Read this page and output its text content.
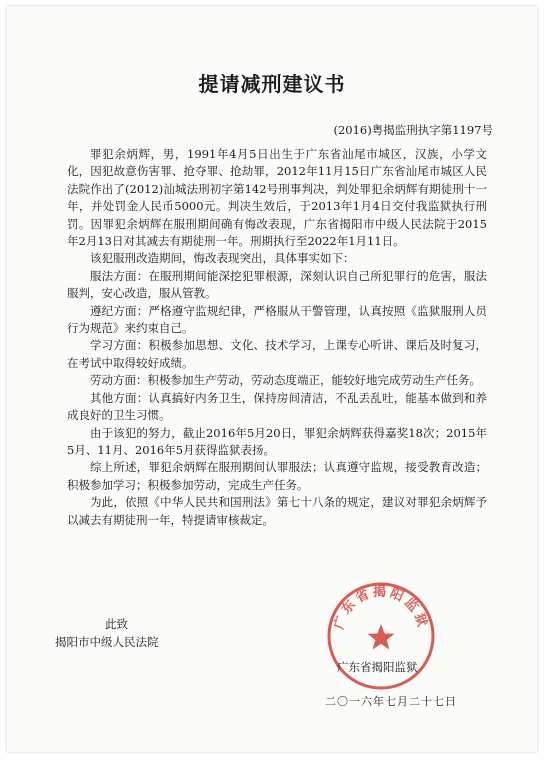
提请减刑建议书
(2016)粤揭监刑执字第1197号

罪犯余炳辉，男，1991年4月5日出生于广东省汕尾市城区，汉族，小学文化，因犯故意伤害罪、抢夺罪、抢劫罪，2012年11月15日广东省汕尾市城区人民法院作出了(2012)汕城法刑初字第142号刑事判决，判处罪犯余炳辉有期徒刑十一年，并处罚金人民币5000元。判决生效后，于2013年1月4日交付我监狱执行刑罚。因罪犯余炳辉在服刑期间确有悔改表现，广东省揭阳市中级人民法院于2015年2月13日对其减去有期徒刑一年。刑期执行至2022年1月11日。

该犯服刑改造期间，悔改表现突出，具体事实如下：

服法方面：在服刑期间能深挖犯罪根源，深刻认识自己所犯罪行的危害，服法服判，安心改造，服从管教。

遵纪方面：严格遵守监规纪律，严格服从干警管理，认真按照《监狱服刑人员行为规范》来约束自己。

学习方面：积极参加思想、文化、技术学习，上课专心听讲、课后及时复习，在考试中取得较好成绩。

劳动方面：积极参加生产劳动，劳动态度端正，能较好地完成劳动生产任务。

其他方面：认真搞好内务卫生，保持房间清洁，不乱丢乱吐，能基本做到和养成良好的卫生习惯。

由于该犯的努力，截止2016年5月20日，罪犯余炳辉获得嘉奖18次；2015年5月、11月、2016年5月获得监狱表扬。

综上所述，罪犯余炳辉在服刑期间认罪服法；认真遵守监规，接受教育改造；积极参加学习；积极参加劳动，完成生产任务。

为此，依照《中华人民共和国刑法》第七十八条的规定，建议对罪犯余炳辉予以减去有期徒刑一年，特提请审核裁定。

此致
揭阳市中级人民法院
广东省揭阳监狱
广东省揭阳监狱
二〇一六年七月二十七日
